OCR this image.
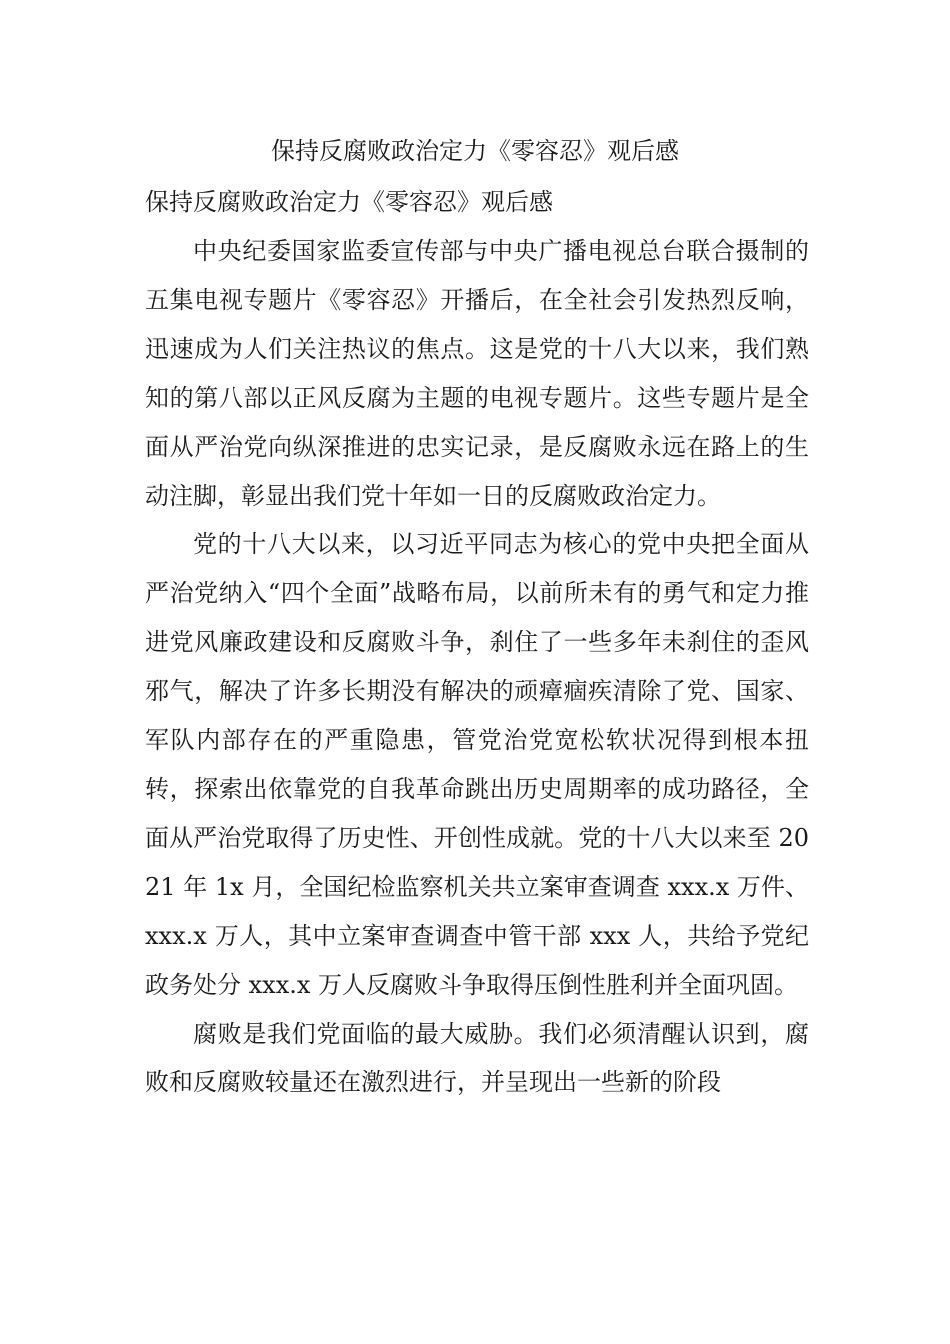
保持反腐败政治定力《零容忍》观后感
保持反腐败政治定力《零容忍》观后感

中央纪委国家监委宣传部与中央广播电视总台联合摄制的五集电视专题片《零容忍》开播后，在全社会引发热烈反响，迅速成为人们关注热议的焦点。这是党的十八大以来，我们熟知的第八部以正风反腐为主题的电视专题片。这些专题片是全面从严治党向纵深推进的忠实记录，是反腐败永远在路上的生动注脚，彰显出我们党十年如一日的反腐败政治定力。

党的十八大以来，以习近平同志为核心的党中央把全面从严治党纳入“四个全面”战略布局，以前所未有的勇气和定力推进党风廉政建设和反腐败斗争，刹住了一些多年未刹住的歪风邪气，解决了许多长期没有解决的顽瘴痼疾清除了党、国家、军队内部存在的严重隐患，管党治党宽松软状况得到根本扭转，探索出依靠党的自我革命跳出历史周期率的成功路径，全面从严治党取得了历史性、开创性成就。党的十八大以来至 2021 年 1x 月，全国纪检监察机关共立案审查调查 xxx.x 万件、xxx.x 万人，其中立案审查调查中管干部 xxx 人，共给予党纪政务处分 xxx.x 万人反腐败斗争取得压倒性胜利并全面巩固。

腐败是我们党面临的最大威胁。我们必须清醒认识到，腐败和反腐败较量还在激烈进行，并呈现出一些新的阶段
